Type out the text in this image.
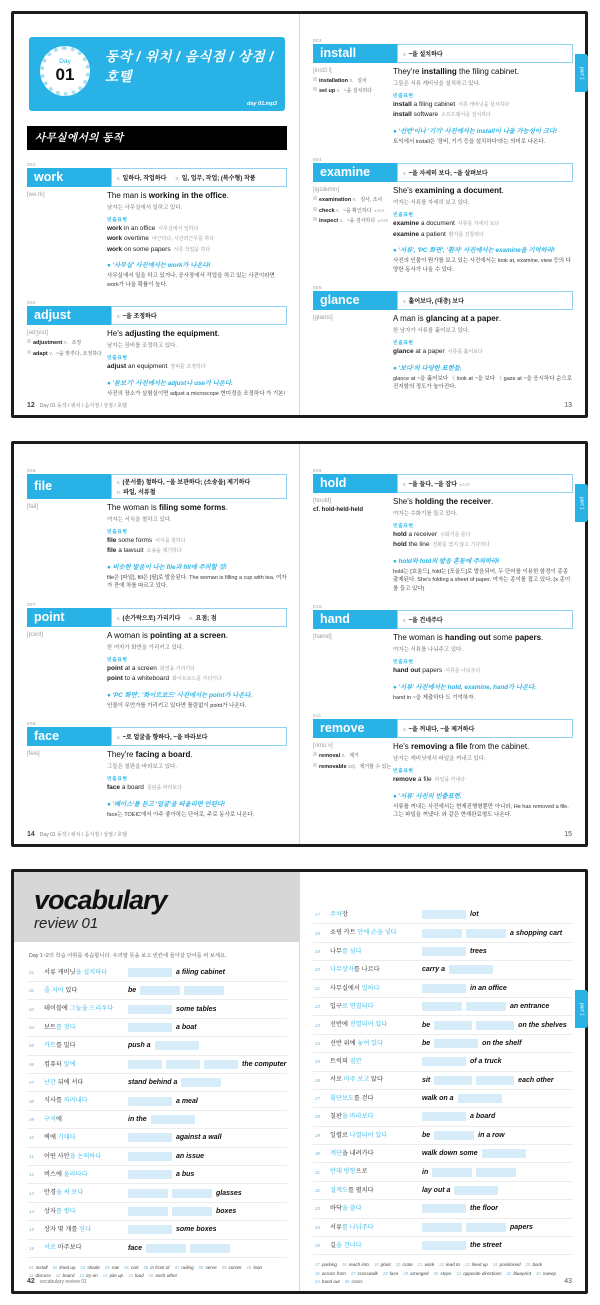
Day
01
동작 / 위치 / 음식점 / 상점 / 호텔
day 01.mp3
사무실에서의 동작
001
work	v. 일하다, 작업하다 n. 일, 업무, 작업; (복수형) 작품
[wəːrk]	The man is working in the office.
남자는 사무실에서 일하고 있다.
빈출표현
work in an office 사무실에서 일하다
work overtime 야근하다, 시간외근무를 하다
work on some papers 서류 작업을 하다
● '사무실' 사진에서는 work가 나온다!
사무실에서 일을 하고 있거나, 공사장에서 작업을 하고 있는 사진이라면 work가 나올 확률이 높다.
002
adjust	v. ~을 조정하다
[ədʒʌ́st]
adjustment n. 조정
adapt v. ~을 맞추다, 조정하다
He's adjusting the equipment.
남자는 장비를 조정하고 있다.
빈출표현
adjust an equipment 장비를 조정하다
● '돋보기' 사진에서는 adjust나 use가 나온다.
사진의 장소가 실험실이면 adjust a microscope 현미경을 조정하다 가 기본!
12 Day 01 동작 / 위치 / 음식점 / 상점 / 호텔
003
install	v. ~을 설치하다
[instɔ́ːl]
installation n. 설치
set up v. ~을 설치하다
They're installing the filing cabinet.
그들은 서류 캐비닛을 설치하고 있다.
빈출표현
install a filing cabinet 서류 캐비닛을 설치하다
install software 소프트웨어를 설치하다
● '선반'이나 '기기' 사진에서는 install이 나올 가능성이 크다!
토익에서 install은 '장비, 기기 등을 설치하다'라는 의미로 나온다.
004
examine	v. ~을 자세히 보다, ~을 살펴보다
[igzǽmin]
examination n. 검사, 조사
check v. ~을 확인하다 ▸384
inspect v. ~을 검사하다 ▸039
She's examining a document.
여자는 서류를 자세히 보고 있다.
빈출표현
examine a document 서류를 자세히 보다
examine a patient 환자를 진찰하다
● '서류', 'PC 화면', '환자' 사진에서는 examine을 기억하라!
사진의 인물이 뭔가를 보고 있는 사진에서는 look at, examine, view 등의 다양한 동사가 나올 수 있다.
005
glance	v. 훑어보다, (대충) 보다
[glæns]	A man is glancing at a paper.
한 남자가 서류를 훑어보고 있다.
빈출표현
glance at a paper 서류를 훑어보다
● '보다'의 다양한 표현들.
glance at ~을 훑어보다 〈 look at ~을 보다 〈 gaze at ~을 응시하다 순으로 진지함의 정도가 높아진다.
13
part 1
006
file	v. (문서를) 철하다, ~을 보관하다; (소송을) 제기하다
n. 파일, 서류철
[fail]	The woman is filing some forms.
여자는 서식을 철하고 있다.
빈출표현
file some forms 서식을 철하다
file a lawsuit 소송을 제기하다
● 비슷한 발음이 나는 file과 fill에 주의할 것!
file은 [파일], fill은 [필]로 발음된다. The woman is filling a cup with tea. 여자가 잔에 차를 따르고 있다.
007
point	v. (손가락으로) 가리키다 n. 요점; 점
[pɔint]	A woman is pointing at a screen.
한 여자가 화면을 가리키고 있다.
빈출표현
point at a screen 화면을 가리키다
point to a whiteboard 화이트보드를 가리키다
● 'PC 화면', '화이트보드' 사진에서는 point가 나온다.
인물이 무언가를 가리키고 있다면 틀림없이 point가 나온다.
008
face	v. ~로 얼굴을 향하다, ~을 바라보다
[feis]	They're facing a board.
그들은 칠판을 바라보고 있다.
빈출표현
face a board 칠판을 바라보다
● '페이스'를 듣고 '얼굴'을 떠올리면 안된다!
face는 TOEIC에서 아주 좋아하는 단어로, 주로 동사로 나온다.
14 Day 01 동작 / 위치 / 음식점 / 상점 / 호텔
009
hold	v. ~을 들다, ~을 잡다 ▸126
[hould]
cf. hold-held-held
She's holding the receiver.
여자는 수화기를 들고 있다.
빈출표현
hold a receiver 수화기를 들다
hold the line 전화를 끊지 않고 기다리다
● hold와 fold의 발음 혼동에 주의하라!
hold는 [호울드], fold는 [포울드]로 발음되어, 두 단어를 이용한 함정이 종종 출제된다. She's folding a sheet of paper. 여자는 종이를 접고 있다. (x 종이를 들고 있다)
010
hand	v. ~을 건네주다
[hænd]	The woman is handing out some papers.
여자는 서류를 나눠주고 있다.
빈출표현
hand out papers 서류를 나눠주다
● '서류' 사진에서는 hold, examine, hand가 나온다.
hand in ~을 제출하다 도 기억하자.
011
remove	v. ~을 꺼내다, ~을 제거하다
[rimúːv]
removal n. 제거
removable adj. 제거할 수 있는
He's removing a file from the cabinet.
남자는 캐비닛에서 파일을 꺼내고 있다.
빈출표현
remove a file 파일을 꺼내다
● '서류' 사진의 빈출표현.
서류를 꺼내는 사진에서는 현재진행형뿐만 아니라, He has removed a file. 그는 파일을 꺼냈다. 와 같은 현재완료형도 나온다.
15
part 1
vocabulary
review 01
Day 1~2의 학습 어휘를 복습합니다. 우리말 뜻을 보고 빈칸에 들어갈 단어를 써 보세요.
01	서류 캐비닛을 설치하다	a filing cabinet
02	줄 지어 있다	be
03	테이블에 그늘을 드리우다	some tables
04	보트를 젓다	a boat
05	카트를 밀다	push a
06	컴퓨터 앞에	the computer
07	난간 뒤에 서다	stand behind a
08	식사를 차려내다	a meal
09	구석에	in the
10	벽에 기대다	against a wall
11	어떤 사안을 논의하다	an issue
12	버스에 올라타다	a bus
13	안경을 써 보다	glasses
14	상자를 쌓다	boxes
15	상자 몇 개를 싣다	some boxes
16	서로 마주보다	face
01 install 02 lined up 03 shade 04 row 05 cart 06 in front of 07 railing 08 serve 09 corner 10 lean11 discuss 12 board 13 try on 14 pile up 15 load 16 each other
42 vocabulary review 01
17	주차장	lot
18	쇼핑 카트 안에 손을 넣다	a shopping cart
19	나무를 심다	trees
20	나무상자를 나르다	carry a
21	사무실에서 일하다	in an office
22	입구로 연결되다	an entrance
23	선반에 진열되어 있다	be	on the shelves
24	선반 위에 놓여 있다	be	on the shelf
25	트럭의 짐칸	of a truck
26	서로 마주 보고 앉다	sit	each other
27	횡단보도를 걷다	walk on a
28	칠판을 바라보다	a board
29	일렬로 나열되어 있다	be	in a row
30	계단을 내려가다	walk down some
31	반대 방향으로	in
32	설계도를 펼치다	lay out a
33	바닥을 쓸다	the floor
34	서류를 나눠주다	papers
35	길을 건너다	the street
17 parking 18 reach into 19 plant 20 crate 21 work 22 lead to 23 lined up 24 positioned 25 back26 across from 27 crosswalk 28 face 29 arranged 30 steps 31 opposite directions 32 blueprint 33 sweep34 hand out 35 cross	43
part 1
